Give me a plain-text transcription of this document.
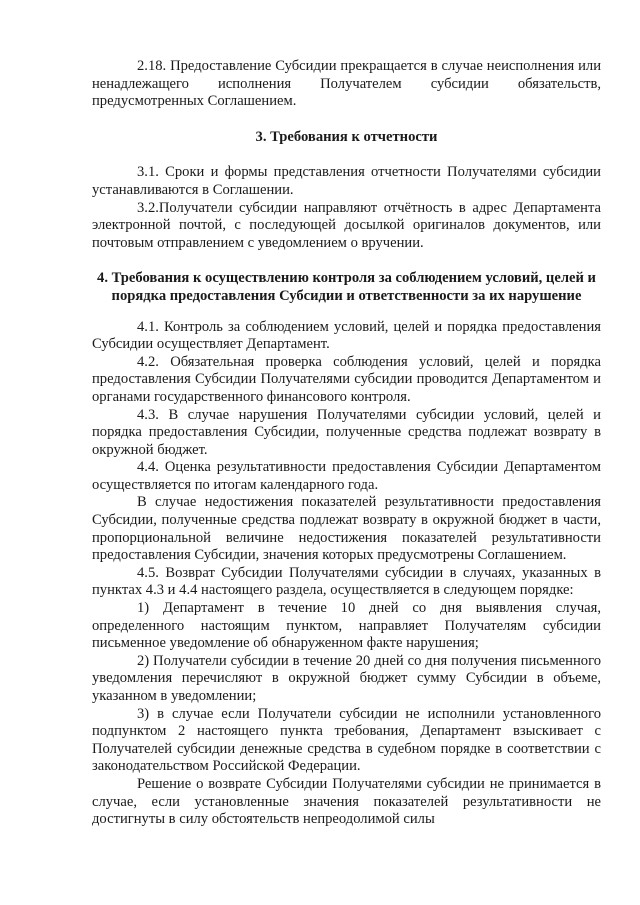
2.18. Предоставление Субсидии прекращается в случае неисполнения или ненадлежащего исполнения Получателем субсидии обязательств, предусмотренных Соглашением.

3. Требования к отчетности

3.1. Сроки и формы представления отчетности Получателями субсидии устанавливаются в Соглашении.

3.2.Получатели субсидии направляют отчётность в адрес Департамента электронной почтой, с последующей досылкой оригиналов документов, или почтовым отправлением с уведомлением о вручении.

4. Требования к осуществлению контроля за соблюдением условий, целей и порядка предоставления Субсидии и ответственности за их нарушение

4.1. Контроль за соблюдением условий, целей и порядка предоставления Субсидии осуществляет Департамент.

4.2. Обязательная проверка соблюдения условий, целей и порядка предоставления Субсидии Получателями субсидии проводится Департаментом и органами государственного финансового контроля.

4.3. В случае нарушения Получателями субсидии условий, целей и порядка предоставления Субсидии, полученные средства подлежат возврату в окружной бюджет.

4.4. Оценка результативности предоставления Субсидии Департаментом осуществляется по итогам календарного года.

В случае недостижения показателей результативности предоставления Субсидии, полученные средства подлежат возврату в окружной бюджет в части, пропорциональной величине недостижения показателей результативности предоставления Субсидии, значения которых предусмотрены Соглашением.

4.5. Возврат Субсидии Получателями субсидии в случаях, указанных в пунктах 4.3 и 4.4 настоящего раздела, осуществляется в следующем порядке:

1) Департамент в течение 10 дней со дня выявления случая, определенного настоящим пунктом, направляет Получателям субсидии письменное уведомление об обнаруженном факте нарушения;

2) Получатели субсидии в течение 20 дней со дня получения письменного уведомления перечисляют в окружной бюджет сумму Субсидии в объеме, указанном в уведомлении;

3) в случае если Получатели субсидии не исполнили установленного подпунктом 2 настоящего пункта требования, Департамент взыскивает с Получателей субсидии денежные средства в судебном порядке в соответствии с законодательством Российской Федерации.

Решение о возврате Субсидии Получателями субсидии не принимается в случае, если установленные значения показателей результативности не достигнуты в силу обстоятельств непреодолимой силы
